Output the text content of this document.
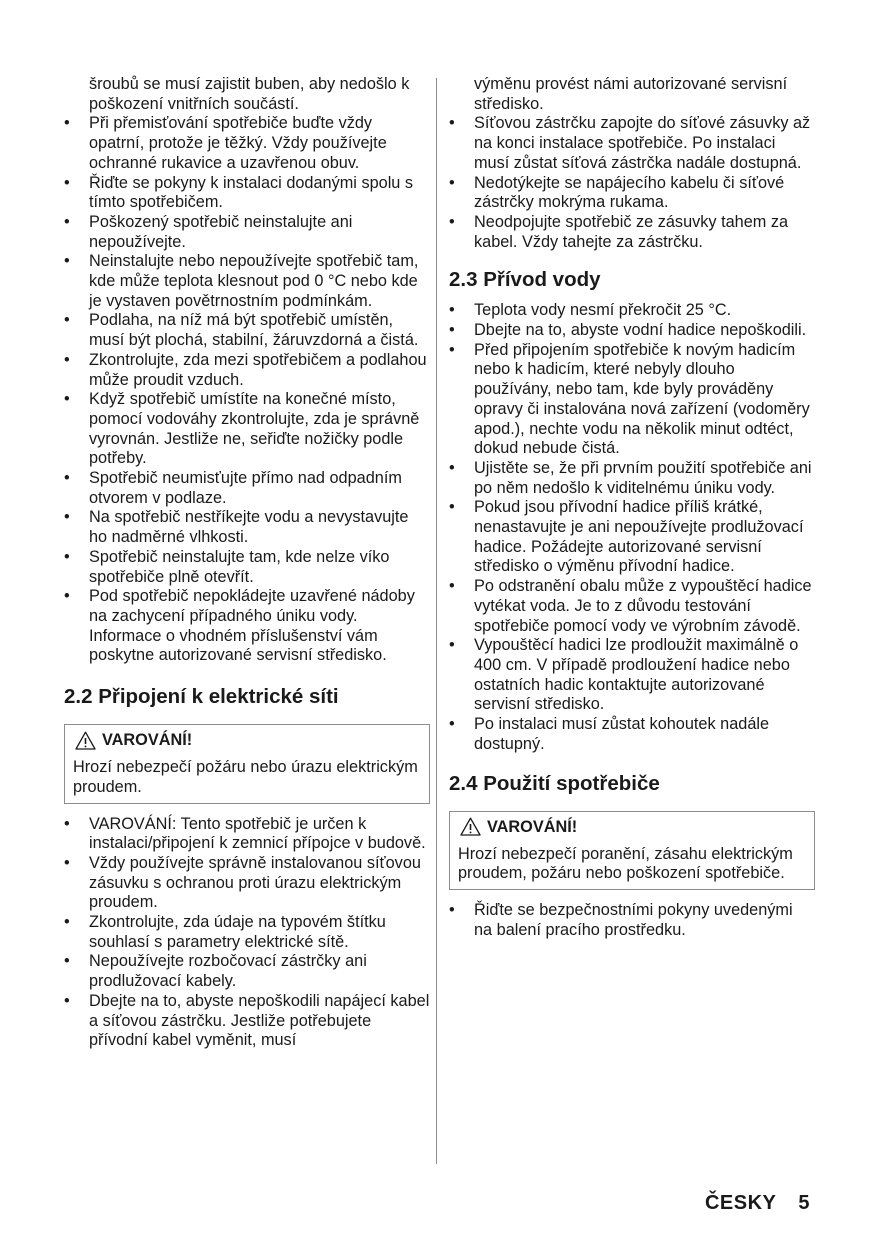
šroubů se musí zajistit buben, aby nedošlo k poškození vnitřních součástí.
• Při přemisťování spotřebiče buďte vždy opatrní, protože je těžký. Vždy používejte ochranné rukavice a uzavřenou obuv.
• Řiďte se pokyny k instalaci dodanými spolu s tímto spotřebičem.
• Poškozený spotřebič neinstalujte ani nepoužívejte.
• Neinstalujte nebo nepoužívejte spotřebič tam, kde může teplota klesnout pod 0 °C nebo kde je vystaven povětrnostním podmínkám.
• Podlaha, na níž má být spotřebič umístěn, musí být plochá, stabilní, žáruvzdorná a čistá.
• Zkontrolujte, zda mezi spotřebičem a podlahou může proudit vzduch.
• Když spotřebič umístíte na konečné místo, pomocí vodováhy zkontrolujte, zda je správně vyrovnán. Jestliže ne, seřiďte nožičky podle potřeby.
• Spotřebič neumisťujte přímo nad odpadním otvorem v podlaze.
• Na spotřebič nestříkejte vodu a nevystavujte ho nadměrné vlhkosti.
• Spotřebič neinstalujte tam, kde nelze víko spotřebiče plně otevřít.
• Pod spotřebič nepokládejte uzavřené nádoby na zachycení případného úniku vody. Informace o vhodném příslušenství vám poskytne autorizované servisní středisko.
2.2 Připojení k elektrické síti
VAROVÁNÍ!
Hrozí nebezpečí požáru nebo úrazu elektrickým proudem.
• VAROVÁNÍ: Tento spotřebič je určen k instalaci/připojení k zemnicí přípojce v budově.
• Vždy používejte správně instalovanou síťovou zásuvku s ochranou proti úrazu elektrickým proudem.
• Zkontrolujte, zda údaje na typovém štítku souhlasí s parametry elektrické sítě.
• Nepoužívejte rozbočovací zástrčky ani prodlužovací kabely.
• Dbejte na to, abyste nepoškodili napájecí kabel a síťovou zástrčku. Jestliže potřebujete přívodní kabel vyměnit, musí
výměnu provést námi autorizované servisní středisko.
• Síťovou zástrčku zapojte do síťové zásuvky až na konci instalace spotřebiče. Po instalaci musí zůstat síťová zástrčka nadále dostupná.
• Nedotýkejte se napájecího kabelu či síťové zástrčky mokrýma rukama.
• Neodpojujte spotřebič ze zásuvky tahem za kabel. Vždy tahejte za zástrčku.
2.3 Přívod vody
• Teplota vody nesmí překročit 25 °C.
• Dbejte na to, abyste vodní hadice nepoškodili.
• Před připojením spotřebiče k novým hadicím nebo k hadicím, které nebyly dlouho používány, nebo tam, kde byly prováděny opravy či instalována nová zařízení (vodoměry apod.), nechte vodu na několik minut odtéct, dokud nebude čistá.
• Ujistěte se, že při prvním použití spotřebiče ani po něm nedošlo k viditelnému úniku vody.
• Pokud jsou přívodní hadice příliš krátké, nenastavujte je ani nepoužívejte prodlužovací hadice. Požádejte autorizované servisní středisko o výměnu přívodní hadice.
• Po odstranění obalu může z vypouštěcí hadice vytékat voda. Je to z důvodu testování spotřebiče pomocí vody ve výrobním závodě.
• Vypouštěcí hadici lze prodloužit maximálně o 400 cm. V případě prodloužení hadice nebo ostatních hadic kontaktujte autorizované servisní středisko.
• Po instalaci musí zůstat kohoutek nadále dostupný.
2.4 Použití spotřebiče
VAROVÁNÍ!
Hrozí nebezpečí poranění, zásahu elektrickým proudem, požáru nebo poškození spotřebiče.
• Řiďte se bezpečnostními pokyny uvedenými na balení pracího prostředku.
ČESKY 5
